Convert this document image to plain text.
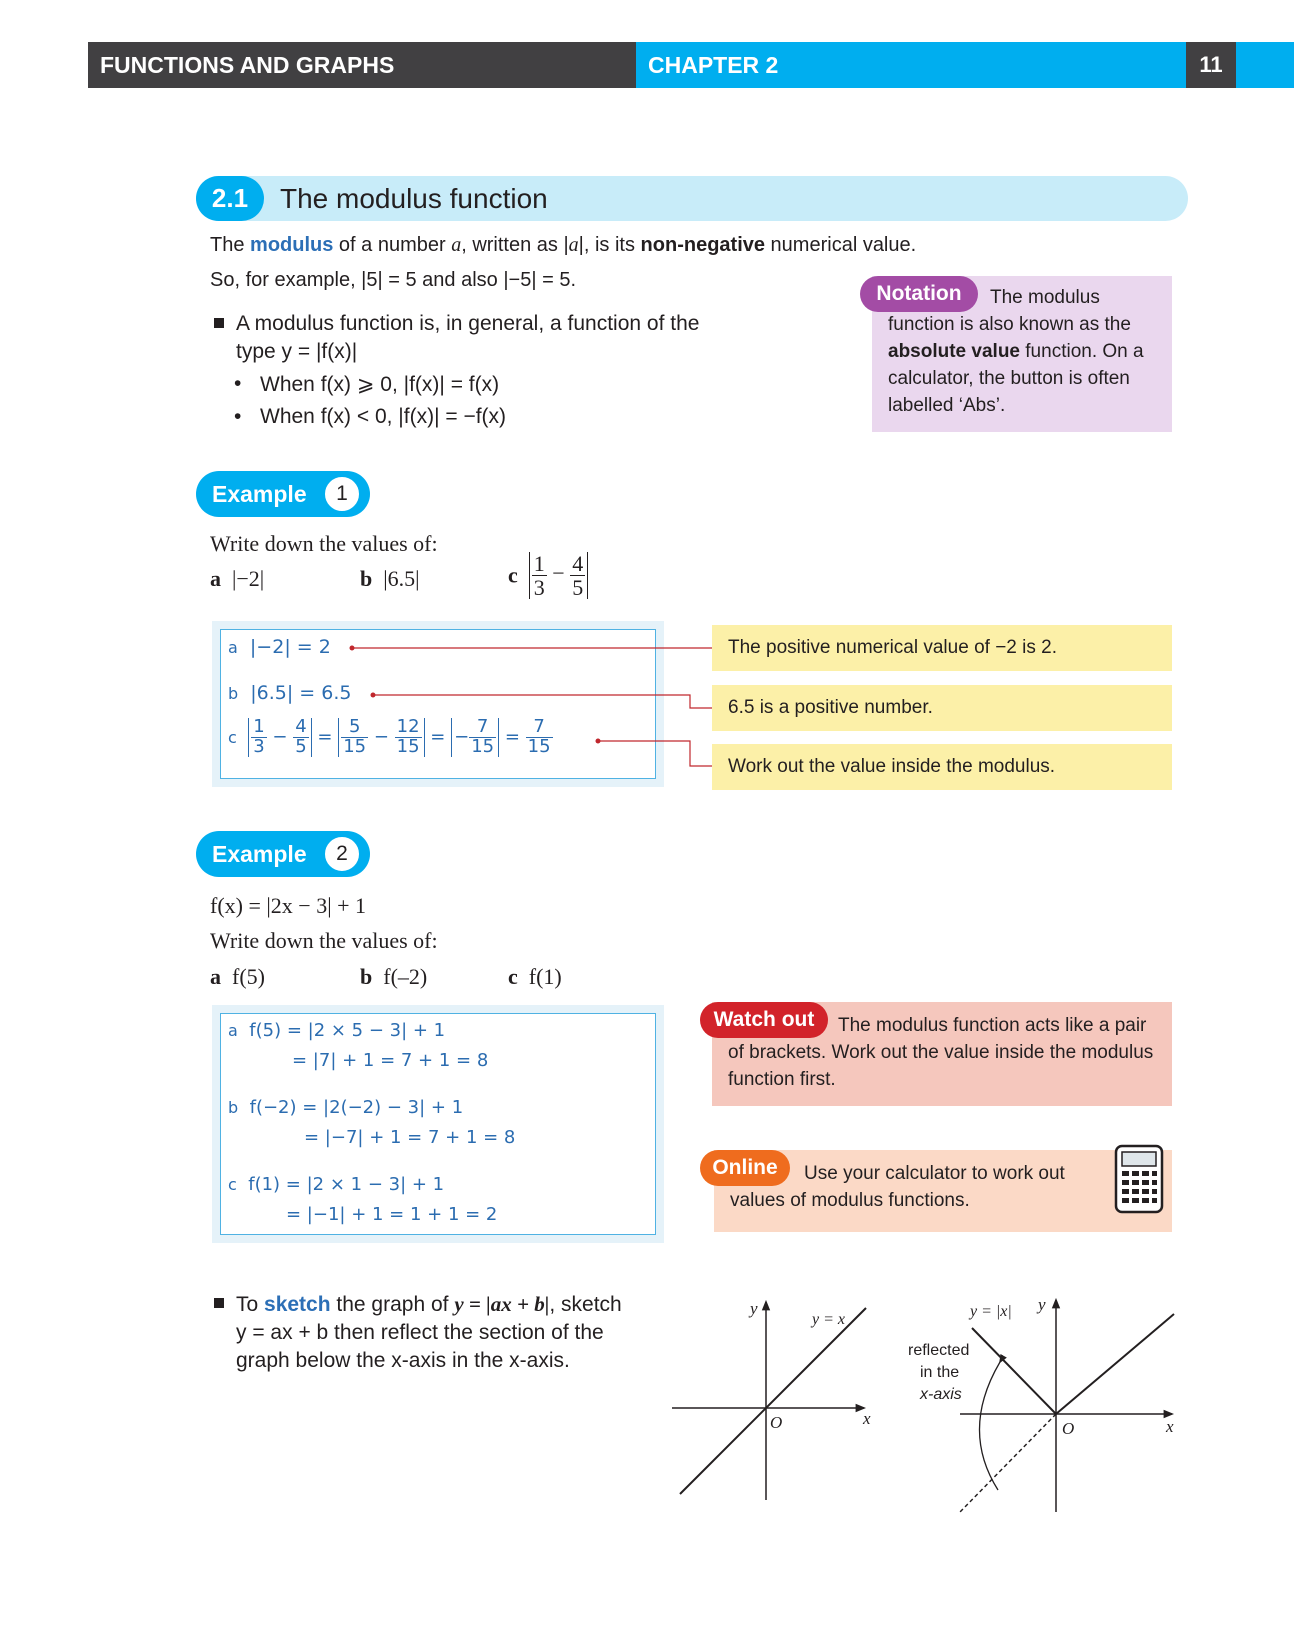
FUNCTIONS AND GRAPHS	CHAPTER 2	11
2.1	The modulus function
The modulus of a number a, written as |a|, is its non-negative numerical value.
So, for example, |5| = 5 and also |−5| = 5.
A modulus function is, in general, a function of the
type y = |f(x)|
• When f(x) ⩾ 0, |f(x)| = f(x)
• When f(x) < 0, |f(x)| = −f(x)
The modulus function is also known as the absolute value function. On a calculator, the button is often labelled ‘Abs’.
Notation
Example	1
Write down the values of:
a |−2|	b |6.5|	c $\frac{1}{3} - \frac{4}{5}$
a |−2| = 2
b |6.5| = 6.5
c $\frac{1}{3} - \frac{4}{5} = \frac{5}{15} - \frac{12}{15}$ = − $\frac{7}{15} = \frac{7}{15}$
The positive numerical value of −2 is 2.
6.5 is a positive number.
Work out the value inside the modulus.
Example	2
f(x) = |2x − 3| + 1
Write down the values of:
a f(5)	b f(–2)	c f(1)
a f(5) = |2 × 5 − 3| + 1
= |7| + 1 = 7 + 1 = 8
b f(−2) = |2(−2) − 3| + 1
= |−7| + 1 = 7 + 1 = 8
c f(1) = |2 × 1 − 3| + 1
= |−1| + 1 = 1 + 1 = 2
The modulus function acts like a pair of brackets. Work out the value inside the modulus function first.
Watch out
Use your calculator to work out values of modulus functions.
Online
To sketch the graph of y = |ax + b|, sketch
y = ax + b then reflect the section of the
graph below the x-axis in the x-axis.
y
x
O
y = x
y
x
O
y = |x|
reflected
in the
x-axis
